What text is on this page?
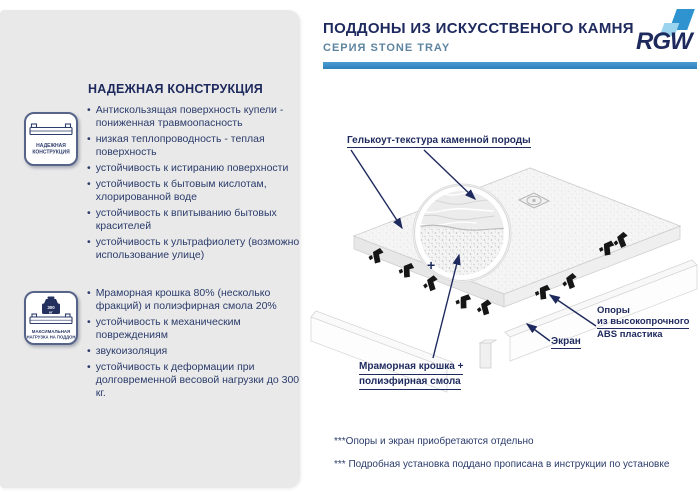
НАДЕЖНАЯ КОНСТРУКЦИЯ
НАДЕЖНАЯ
КОНСТРУКЦИЯ
• Антискользящая поверхность купели - пониженная травмоопасность
• низкая теплопроводность - теплая поверхность
• устойчивость к истиранию поверхности
• устойчивость к бытовым кислотам, хлорированной воде
• устойчивость к впитыванию бытовых красителей
• устойчивость к ультрафиолету (возможно использование улице)
300
кг
МАКСИМАЛЬНАЯ
НАГРУЗКА НА ПОДДОН
• Мраморная крошка 80% (несколько фракций) и полиэфирная смола 20%
• устойчивость к механическим повреждениям
• звукоизоляция
• устойчивость к деформации при долговременной весовой нагрузки до 300 кг.
ПОДДОНЫ ИЗ ИСКУССТВЕНОГО КАМНЯ
СЕРИЯ STONE TRAY	RGW
Гелькоут-текстура каменной породы
Опоры
из высокопрочного
ABS пластика
Экран
Мраморная крошка +
полиэфирная смола
+
***Опоры и экран приобретаются отдельно
*** Подробная установка поддано прописана в инструкции по установке
